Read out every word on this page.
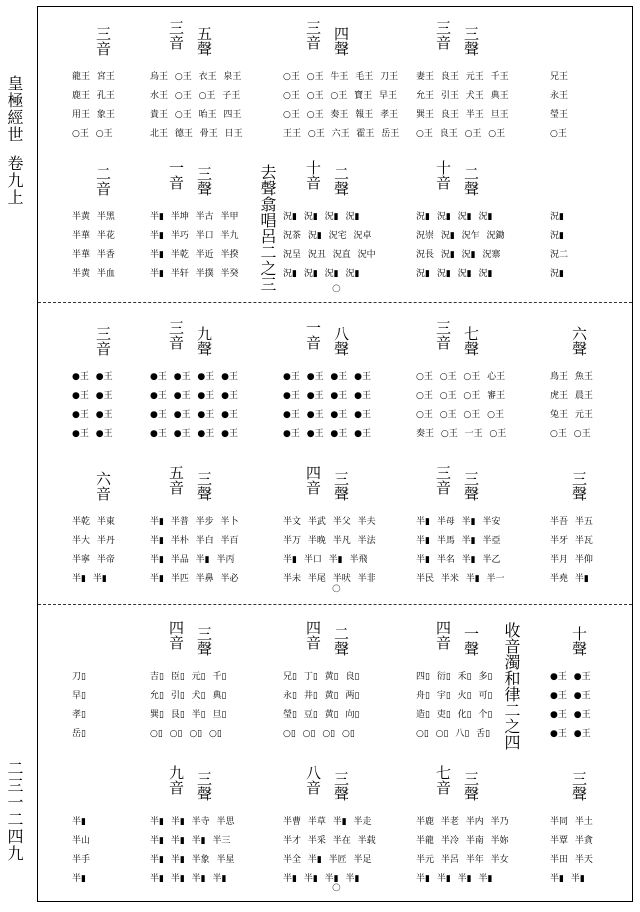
皇極經世
卷九上
二三一二四九
去聲翕唱呂二之三
收音濁和律二之四
○
○
○
三音
龍王 宮王
鹿王 孔王
用王 象王
○王 ○王
五聲
三音
烏王 ○王 衣王 泉王
水王 ○王 ○王 子王
貴王 ○王 咍王 四王
北王 德王 骨王 日王
四聲
三音
○王 ○王 牛王 毛王 刀王
○王 ○王 ○王 寶王 早王
○王 ○王 奏王 報王 孝王
王王 ○王 六王 霍王 岳王
三聲
三音
妻王 良王 元王 千王
允王 引王 犬王 典王
巽王 良王 半王 旦王
○王 良王 ○王 ○王
兄王
永王
瑩王
○王
二音
半黄 半黑
半華 半花
半華 半香
半黄 半血
三聲
一音
半▮ 半坤 半古 半甲
半▮ 半巧 半口 半九
半▮ 半乾 半近 半揆
半▮ 半轩 半撲 半癸
二聲
十音
況▮ 況▮ 況▮ 況▮
況茶 況▮ 況宅 況卓
況呈 況丑 況直 況中
況▮ 況▮ 況▮ 況▮
二聲
十音
況▮ 況▮ 況▮ 況▮
況崇 況▮ 況乍 況鋤
況長 況▮ 況▮ 況寨
況▮ 況▮ 況▮ 況▮
況▮
況▮
況二
況▮
三音
●王 ●王
●王 ●王
●王 ●王
●王 ●王
九聲
三音
●王 ●王 ●王 ●王
●王 ●王 ●王 ●王
●王 ●王 ●王 ●王
●王 ●王 ●王 ●王
八聲
一音
●王 ●王 ●王 ●王
●王 ●王 ●王 ●王
●王 ●王 ●王 ●王
●王 ●王 ●王 ●王
七聲
三音
○王 ○王 ○王 心王
○王 ○王 ○王 審王
○王 ○王 ○王 ○王
奏王 ○王 一王 ○王
六聲
鳥王 魚王
虎王 晨王
兔王 元王
○王 ○王
六音
半乾 半東
半大 半丹
半寧 半帝
半▮ 半▮
三聲
五音
半▮ 半普 半步 半卜
半▮ 半朴 半白 半百
半▮ 半品 半▮ 半丙
半▮ 半匹 半鼻 半必
三聲
四音
半文 半武 半父 半夫
半万 半晚 半凡 半法
半▮ 半口 半▮ 半飛
半未 半尾 半吠 半非
三聲
三音
半▮ 半母 半▮ 半安
半▮ 半馬 半▮ 半亞
半▮ 半名 半▮ 半乙
半民 半米 半▮ 半一
三聲
半吾 半五
半牙 半瓦
半月 半仰
半堯 半▮
刀▯
早▯
孝▯
岳▯
三聲
四音
吉▯ 臣▯ 元▯ 千▯
允▯ 引▯ 犬▯ 典▯
巽▯ 艮▯ 半▯ 旦▯
○▯ ○▯ ○▯ ○▯
二聲
四音
兄▯ 丁▯ 黄▯ 良▯
永▯ 井▯ 黄▯ 两▯
瑩▯ 豆▯ 黄▯ 向▯
○▯ ○▯ ○▯ ○▯
一聲
四音
四▯ 衍▯ 禾▯ 多▯
舟▯ 宇▯ 火▯ 可▯
造▯ 吏▯ 化▯ 个▯
○▯ ○▯ 八▯ 舌▯
十聲
●王 ●王
●王 ●王
●王 ●王
●王 ●王
半▮
半山
半手
半▮
三聲
九音
半▮ 半▮ 半寺 半思
半▮ 半▮ 半▮ 半三
半▮ 半▮ 半象 半星
半▮ 半▮ 半▮ 半▮
三聲
八音
半曹 半草 半▮ 半走
半才 半采 半在 半载
半全 半▮ 半匠 半足
半▮ 半▮ 半▮ 半▮
三聲
七音
半鹿 半老 半内 半乃
半龍 半冷 半南 半妳
半元 半呂 半年 半女
半▮ 半▮ 半▮ 半▮
三聲
半同 半土
半覃 半貪
半田 半天
半▮ 半▮
